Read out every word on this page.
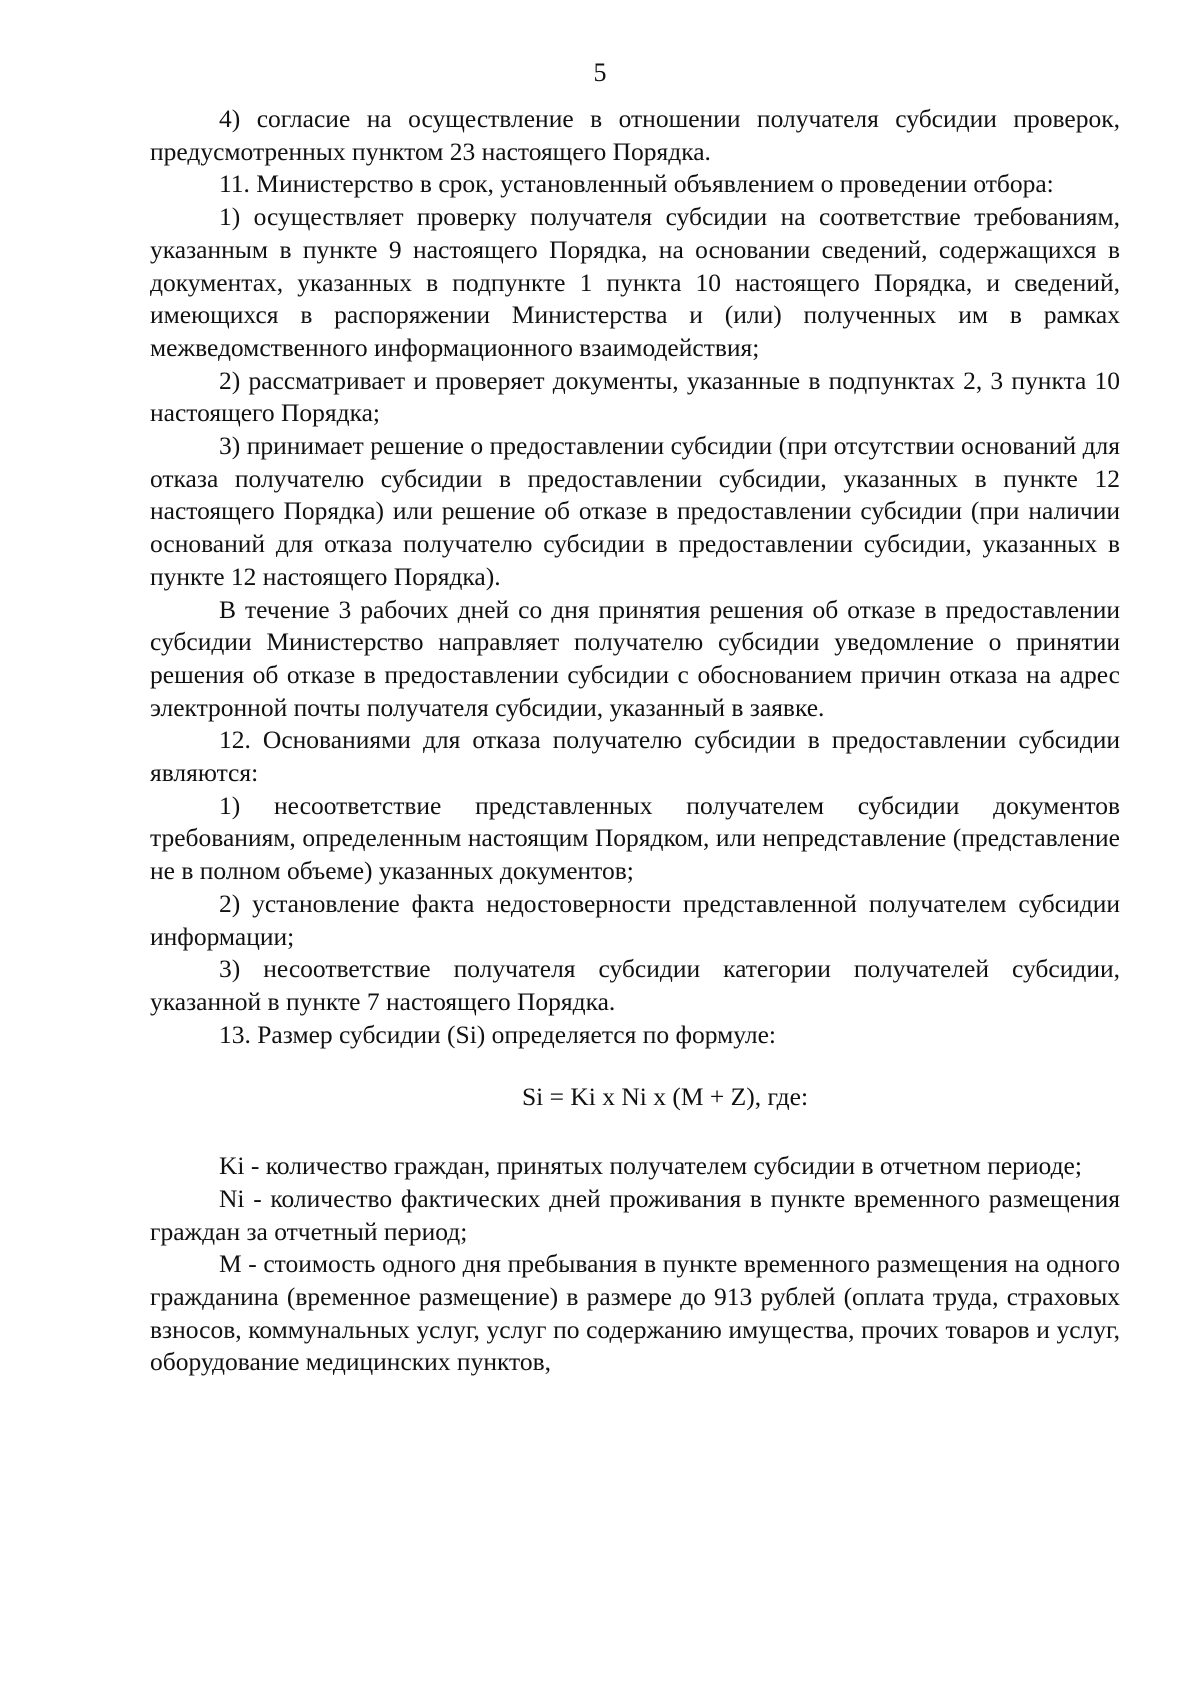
5

4) согласие на осуществление в отношении получателя субсидии проверок, предусмотренных пунктом 23 настоящего Порядка.

11. Министерство в срок, установленный объявлением о проведении отбора:

1) осуществляет проверку получателя субсидии на соответствие требованиям, указанным в пункте 9 настоящего Порядка, на основании сведений, содержащихся в документах, указанных в подпункте 1 пункта 10 настоящего Порядка, и сведений, имеющихся в распоряжении Министерства и (или) полученных им в рамках межведомственного информационного взаимодействия;

2) рассматривает и проверяет документы, указанные в подпунктах 2, 3 пункта 10 настоящего Порядка;

3) принимает решение о предоставлении субсидии (при отсутствии оснований для отказа получателю субсидии в предоставлении субсидии, указанных в пункте 12 настоящего Порядка) или решение об отказе в предоставлении субсидии (при наличии оснований для отказа получателю субсидии в предоставлении субсидии, указанных в пункте 12 настоящего Порядка).

В течение 3 рабочих дней со дня принятия решения об отказе в предоставлении субсидии Министерство направляет получателю субсидии уведомление о принятии решения об отказе в предоставлении субсидии с обоснованием причин отказа на адрес электронной почты получателя субсидии, указанный в заявке.

12. Основаниями для отказа получателю субсидии в предоставлении субсидии являются:

1) несоответствие представленных получателем субсидии документов требованиям, определенным настоящим Порядком, или непредставление (представление не в полном объеме) указанных документов;

2) установление факта недостоверности представленной получателем субсидии информации;

3) несоответствие получателя субсидии категории получателей субсидии, указанной в пункте 7 настоящего Порядка.

13. Размер субсидии (Si) определяется по формуле:

Si = Ki x Ni x (M + Z), где:

Ki - количество граждан, принятых получателем субсидии в отчетном периоде;

Ni - количество фактических дней проживания в пункте временного размещения граждан за отчетный период;

М - стоимость одного дня пребывания в пункте временного размещения на одного гражданина (временное размещение) в размере до 913 рублей (оплата труда, страховых взносов, коммунальных услуг, услуг по содержанию имущества, прочих товаров и услуг, оборудование медицинских пунктов,
